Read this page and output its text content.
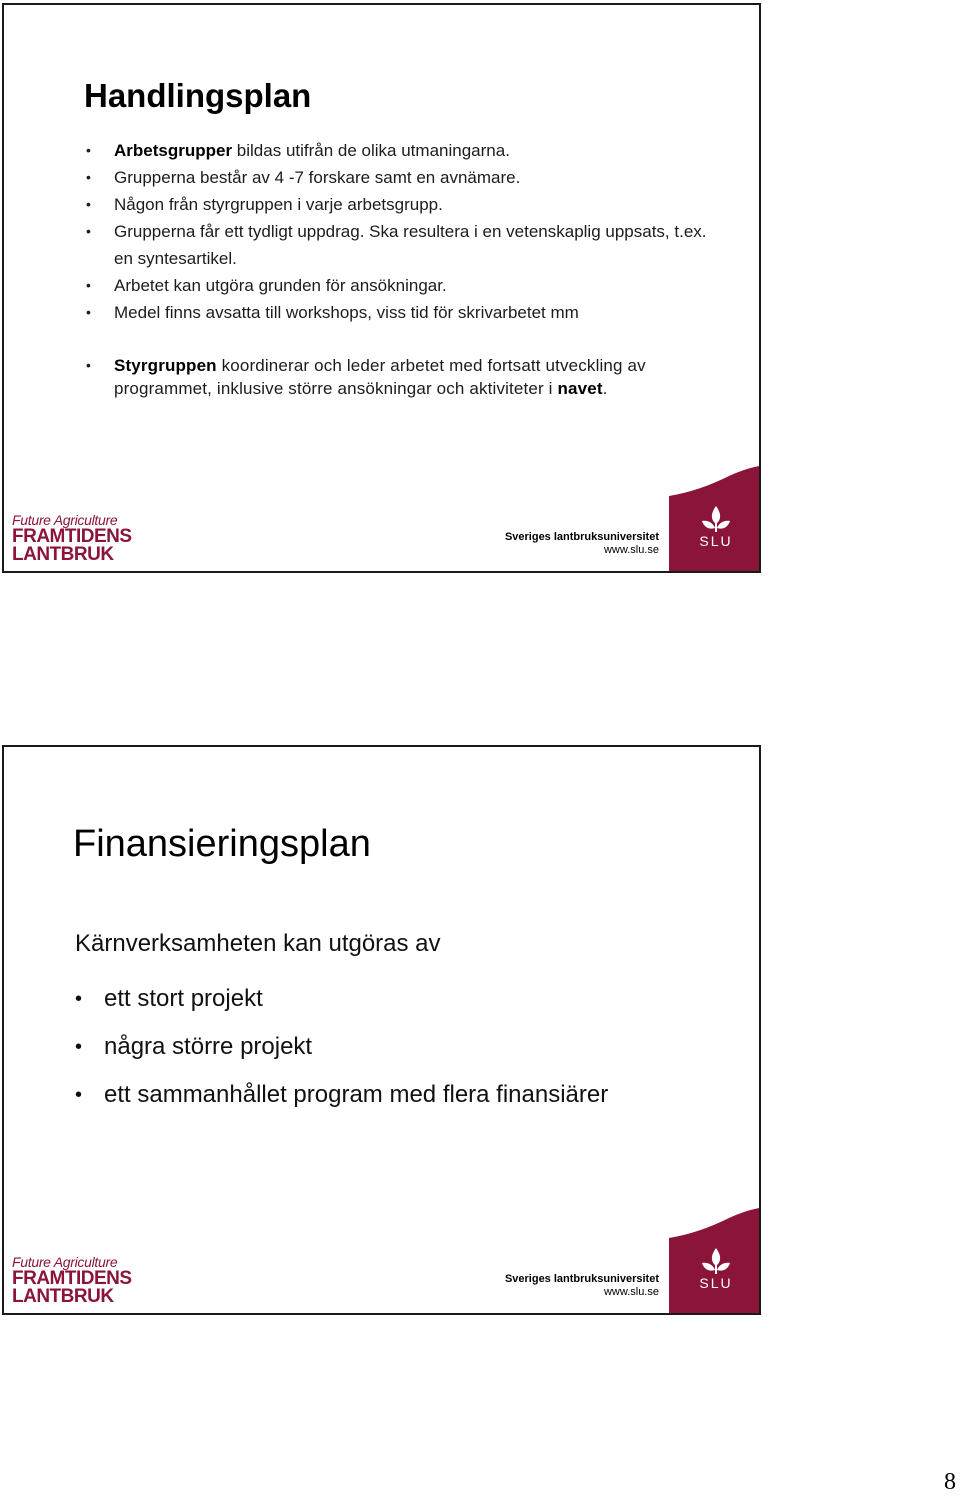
Handlingsplan
• Arbetsgrupper bildas utifrån de olika utmaningarna.
• Grupperna består av 4 -7 forskare samt en avnämare.
• Någon från styrgruppen i varje arbetsgrupp.
• Grupperna får ett tydligt uppdrag. Ska resultera i en vetenskaplig uppsats, t.ex. en syntesartikel.
• Arbetet kan utgöra grunden för ansökningar.
• Medel finns avsatta till workshops, viss tid för skrivarbetet mm
• Styrgruppen koordinerar och leder arbetet med fortsatt utveckling av programmet, inklusive större ansökningar och aktiviteter i navet.
Future Agriculture
FRAMTIDENS
LANTBRUK
Sveriges lantbruksuniversitet
www.slu.se
SLU
Finansieringsplan
Kärnverksamheten kan utgöras av
• ett stort projekt
• några större projekt
• ett sammanhållet program med flera finansiärer
Future Agriculture
FRAMTIDENS
LANTBRUK
Sveriges lantbruksuniversitet
www.slu.se
SLU
8
